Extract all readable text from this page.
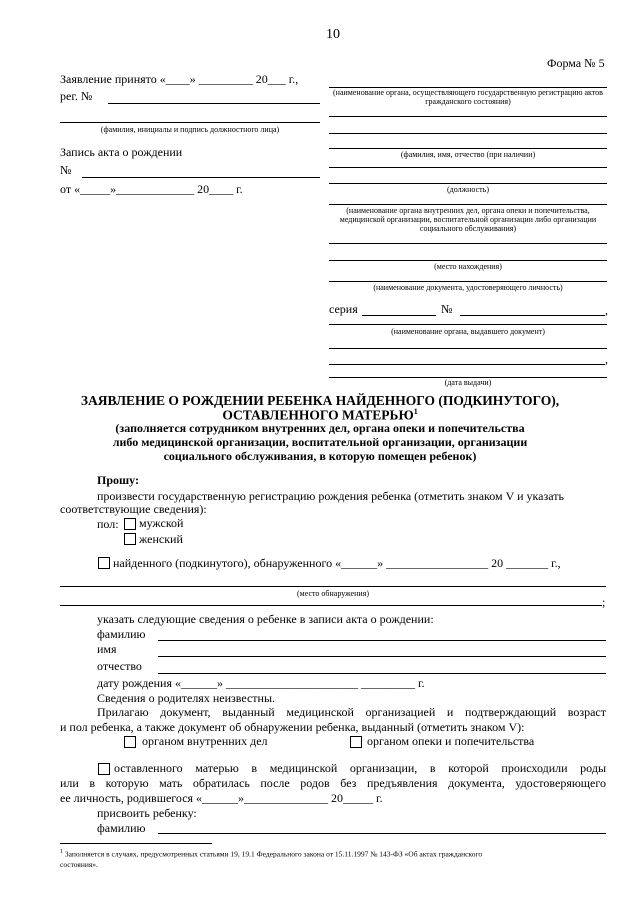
10
Форма № 5
Заявление принято «____» _________ 20___ г.,
рег. №
(фамилия, инициалы и подпись должностного лица)
Запись акта о рождении
№
от «_____»_____________ 20____ г.
(наименование органа, осуществляющего государственную регистрацию актов гражданского состояния)
(фамилия, имя, отчество (при наличии)
(должность)
(наименование органа внутренних дел, органа опеки и попечительства, медицинской организации, воспитательной организации либо организации социального обслуживания)
(место нахождения)
(наименование документа, удостоверяющего личность)
серия	№	,
(наименование органа, выдавшего документ)
,
(дата выдачи)
ЗАЯВЛЕНИЕ О РОЖДЕНИИ РЕБЕНКА НАЙДЕННОГО (ПОДКИНУТОГО),
ОСТАВЛЕННОГО МАТЕРЬЮ$^1$
(заполняется сотрудником внутренних дел, органа опеки и попечительства
либо медицинской организации, воспитательной организации, организации
социального обслуживания, в которую помещен ребенок)
Прошу:
произвести государственную регистрацию рождения ребенка (отметить знаком V и указать
соответствующие сведения):
пол: мужской
женский
найденного (подкинутого), обнаруженного «______» _________________ 20 _______ г.,
(место обнаружения)
;
указать следующие сведения о ребенке в записи акта о рождении:
фамилию
имя
отчество
дату рождения «______» ______________________ _________ г.
Сведения о родителях неизвестны.
Прилагаю документ, выданный медицинской организацией и подтверждающий возраст
и пол ребенка, а также документ об обнаружении ребенка, выданный (отметить знаком V):
органом внутренних дел	органом опеки и попечительства
оставленного матерью в медицинской организации, в которой происходили роды
или в которую мать обратилась после родов без предъявления документа, удостоверяющего
ее личность, родившегося «______»______________ 20_____ г.
присвоить ребенку:
фамилию
$^1$ Заполняется в случаях, предусмотренных статьями 19, 19.1 Федерального закона от 15.11.1997 № 143-ФЗ «Об актах гражданского
состояния».
